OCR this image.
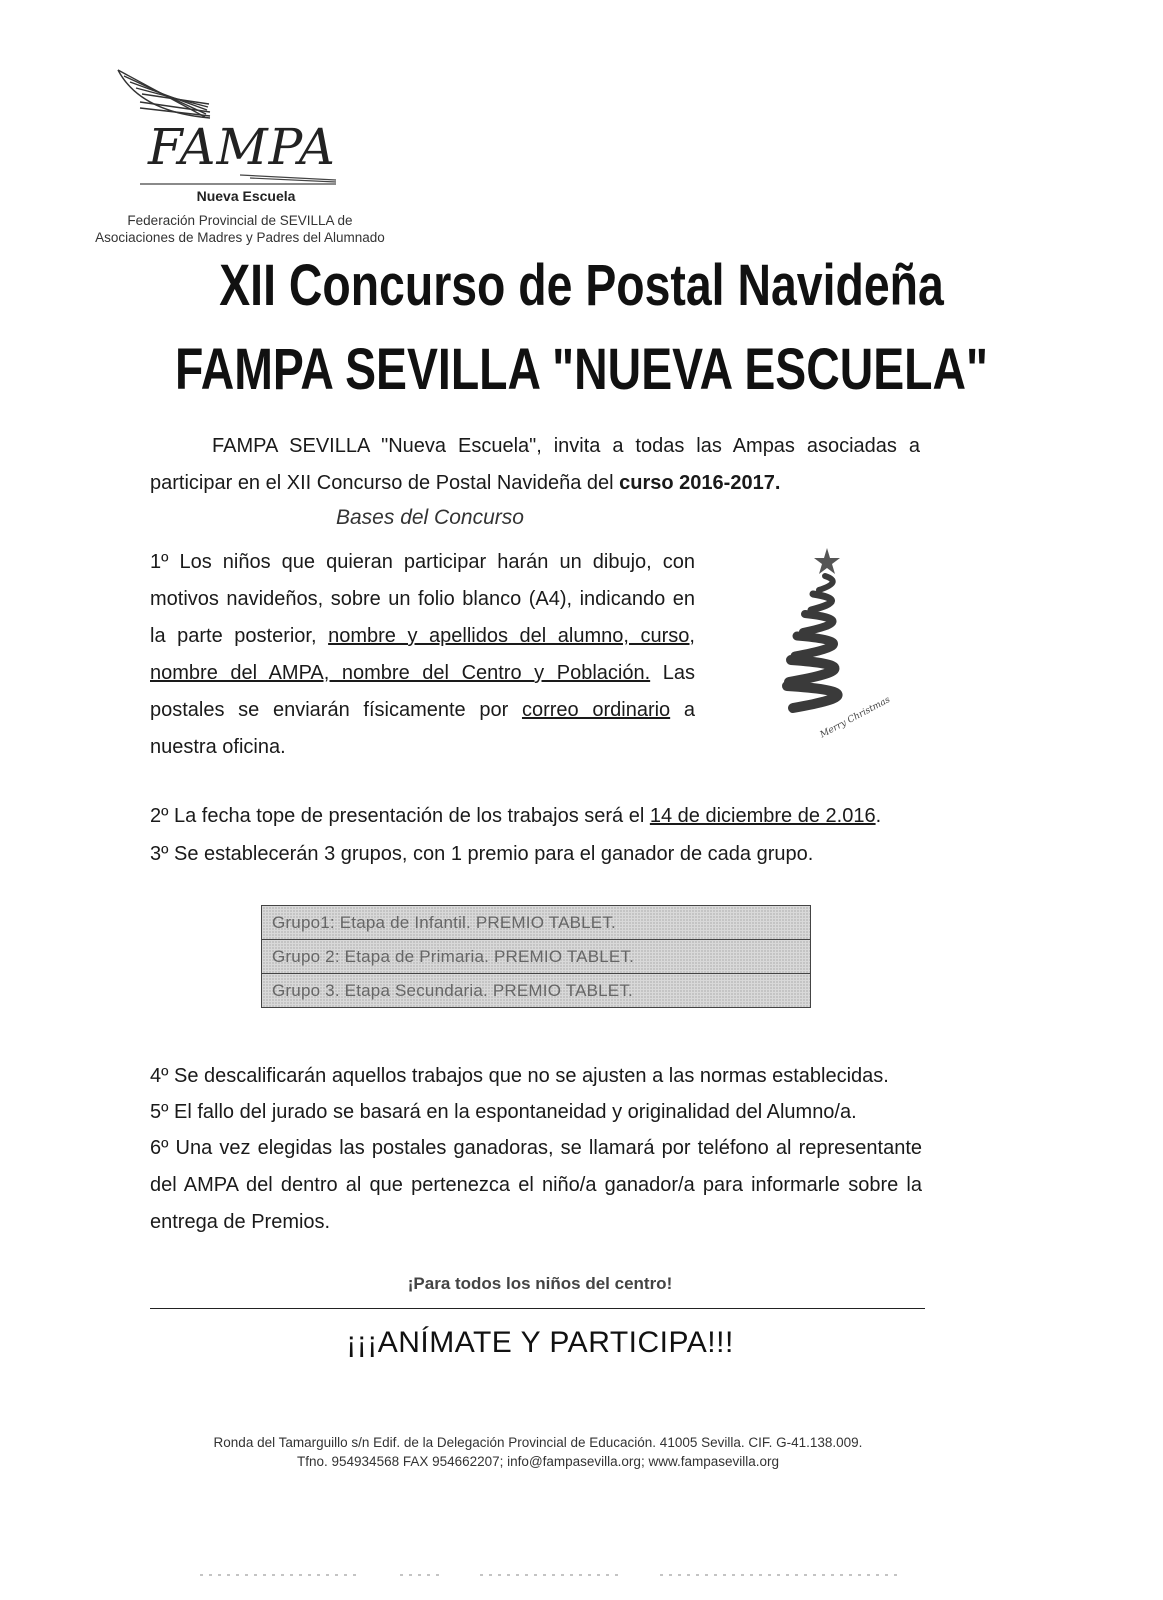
FAMPA
Nueva Escuela
Federación Provincial de SEVILLA de
Asociaciones de Madres y Padres del Alumnado
XII Concurso de Postal Navideña
FAMPA SEVILLA "NUEVA ESCUELA"
FAMPA SEVILLA "Nueva Escuela", invita a todas las Ampas asociadas a participar en el XII Concurso de Postal Navideña del curso 2016-2017.
Bases del Concurso
1º Los niños que quieran participar harán un dibujo, con motivos navideños, sobre un folio blanco (A4), indicando en la parte posterior, nombre y apellidos del alumno, curso, nombre del AMPA, nombre del Centro y Población. Las postales se enviarán físicamente por correo ordinario a nuestra oficina.
Merry Christmas
2º La fecha tope de presentación de los trabajos será el 14 de diciembre de 2.016.
3º Se establecerán 3 grupos, con 1 premio para el ganador de cada grupo.
Grupo1: Etapa de Infantil. PREMIO TABLET.
Grupo 2: Etapa de Primaria. PREMIO TABLET.
Grupo 3. Etapa Secundaria. PREMIO TABLET.
4º Se descalificarán aquellos trabajos que no se ajusten a las normas establecidas.
5º El fallo del jurado se basará en la espontaneidad y originalidad del Alumno/a.
6º Una vez elegidas las postales ganadoras, se llamará por teléfono al representante del AMPA del dentro al que pertenezca el niño/a ganador/a para informarle sobre la entrega de Premios.
¡Para todos los niños del centro!
¡¡¡ANÍMATE Y PARTICIPA!!!
Ronda del Tamarguillo s/n Edif. de la Delegación Provincial de Educación. 41005 Sevilla. CIF. G-41.138.009.
Tfno. 954934568 FAX 954662207; info@fampasevilla.org; www.fampasevilla.org
